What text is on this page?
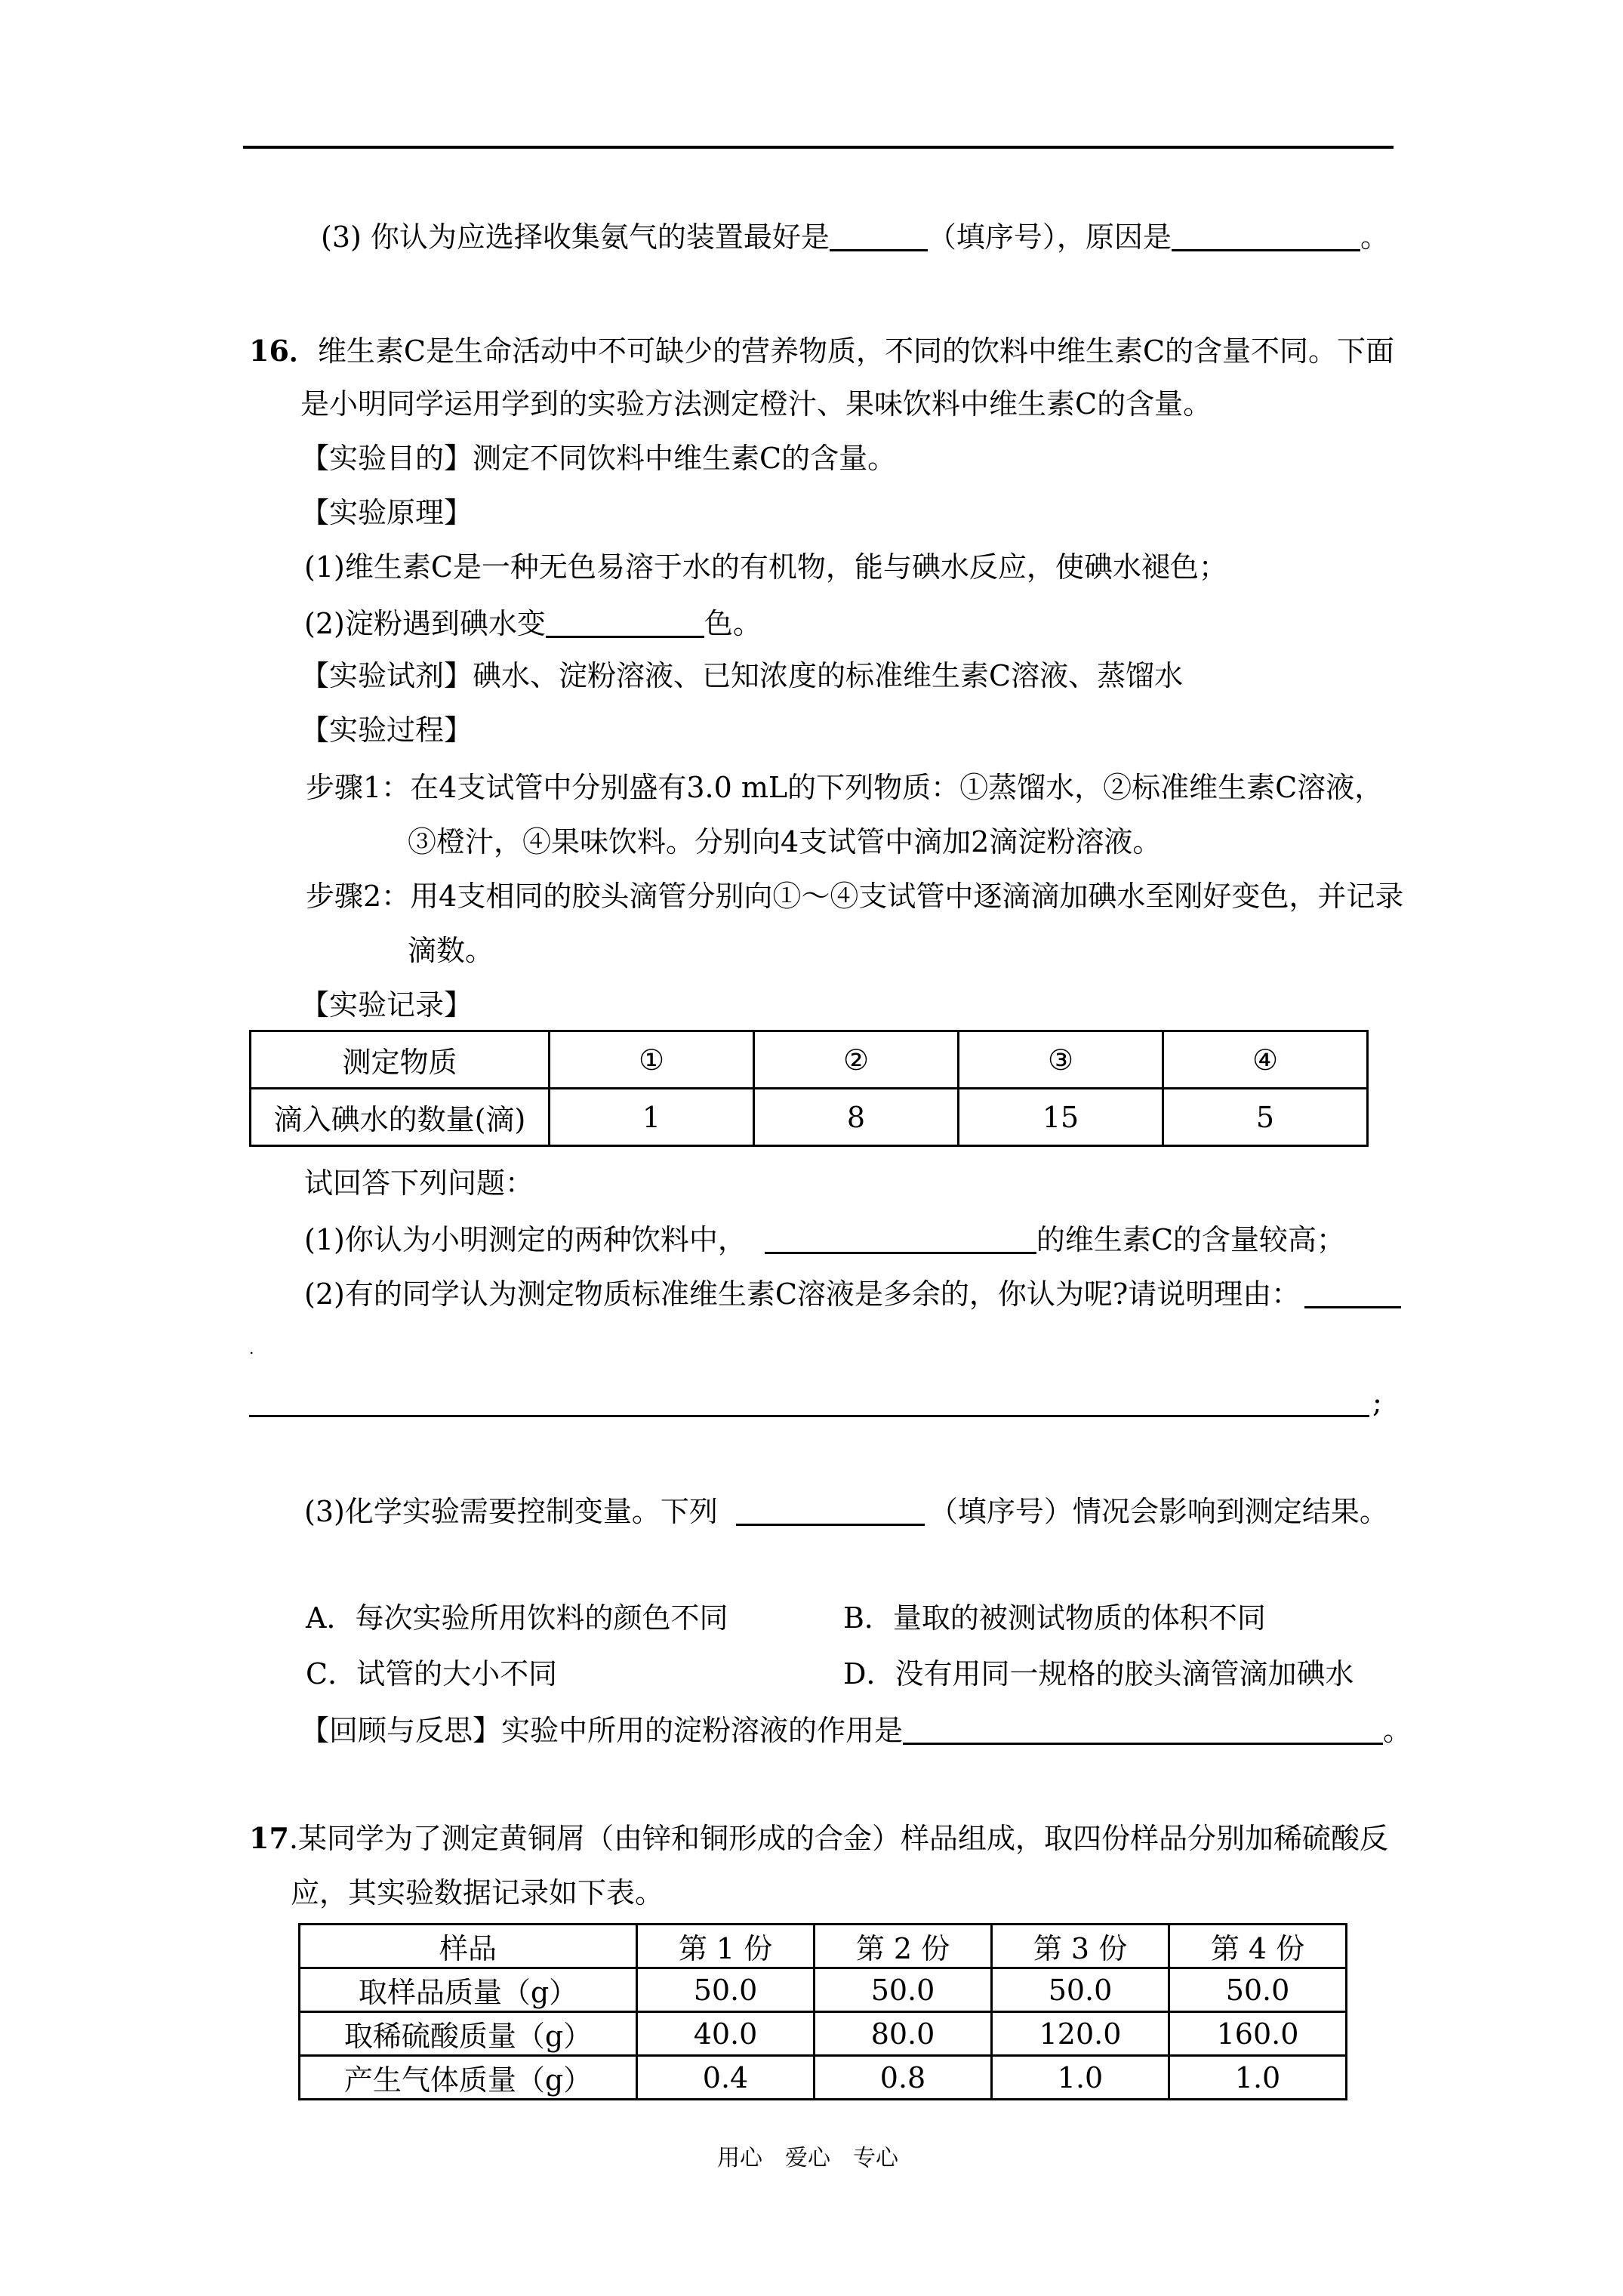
(3) 你认为应选择收集氨气的装置最好是	（填序号），原因是	。
16．维生素C是生命活动中不可缺少的营养物质，不同的饮料中维生素C的含量不同。下面
是小明同学运用学到的实验方法测定橙汁、果味饮料中维生素C的含量。
【实验目的】测定不同饮料中维生素C的含量。
【实验原理】
(1)维生素C是一种无色易溶于水的有机物，能与碘水反应，使碘水褪色；
(2)淀粉遇到碘水变	色。
【实验试剂】碘水、淀粉溶液、已知浓度的标准维生素C溶液、蒸馏水
【实验过程】
步骤1：在4支试管中分别盛有3.0 mL的下列物质：①蒸馏水，②标准维生素C溶液，
③橙汁，④果味饮料。分别向4支试管中滴加2滴淀粉溶液。
步骤2：用4支相同的胶头滴管分别向①～④支试管中逐滴滴加碘水至刚好变色，并记录
滴数。
【实验记录】
测定物质	①	②	③	④
滴入碘水的数量(滴)	1	8	15	5
试回答下列问题：
(1)你认为小明测定的两种饮料中，	的维生素C的含量较高；
(2)有的同学认为测定物质标准维生素C溶液是多余的，你认为呢?请说明理由：
.
;
(3)化学实验需要控制变量。下列	（填序号）情况会影响到测定结果。
A．每次实验所用饮料的颜色不同	B．量取的被测试物质的体积不同
C．试管的大小不同	D．没有用同一规格的胶头滴管滴加碘水
【回顾与反思】实验中所用的淀粉溶液的作用是	。
17.某同学为了测定黄铜屑（由锌和铜形成的合金）样品组成，取四份样品分别加稀硫酸反
应，其实验数据记录如下表。
样品	第 1 份	第 2 份	第 3 份	第 4 份
取样品质量（g）	50.0	50.0	50.0	50.0
取稀硫酸质量（g）	40.0	80.0	120.0	160.0
产生气体质量（g）	0.4	0.8	1.0	1.0
用心　爱心　专心
